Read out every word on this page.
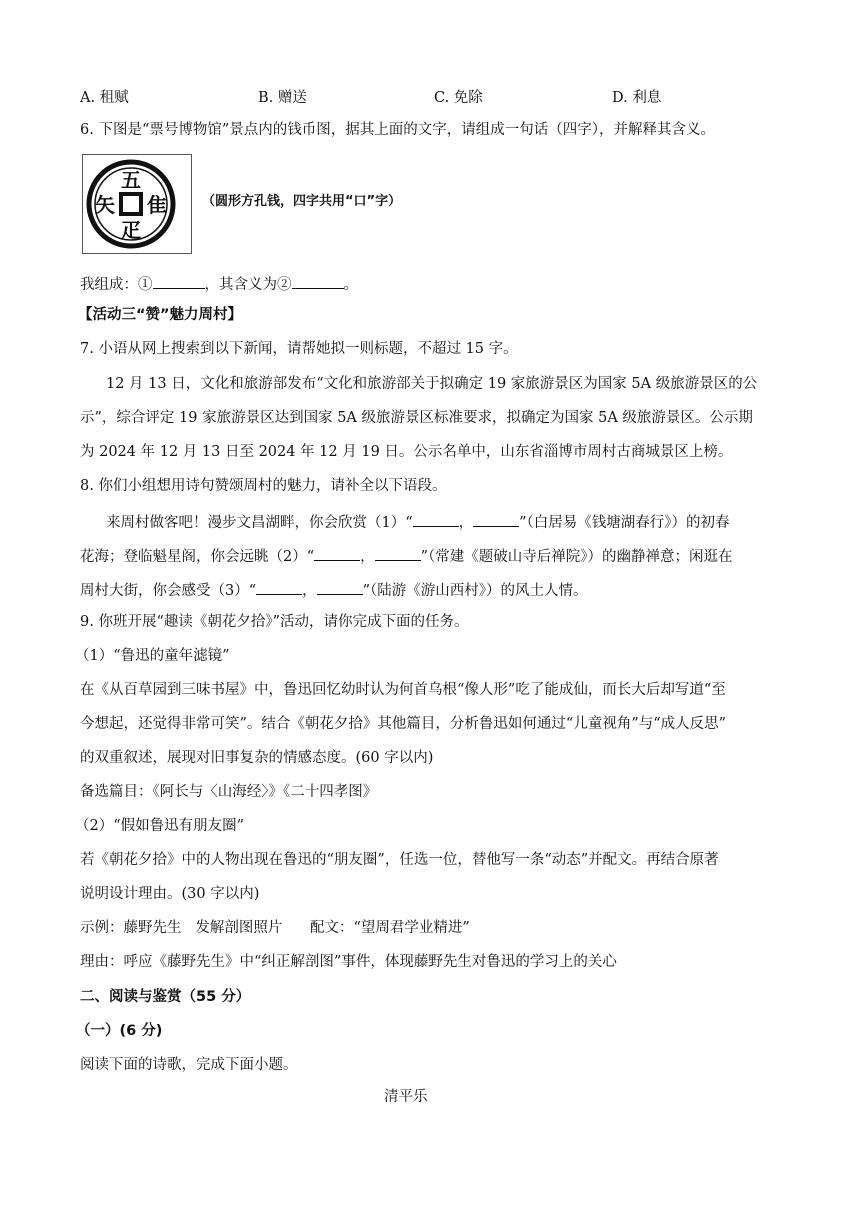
A. 租赋	B. 赠送	C. 免除	D. 利息
6. 下图是“票号博物馆”景点内的钱币图，据其上面的文字，请组成一句话（四字），并解释其含义。
五
隹
矢
疋
（圆形方孔钱，四字共用“口”字）
我组成：①	，其含义为②	。
【活动三“赞”魅力周村】
7. 小语从网上搜索到以下新闻，请帮她拟一则标题，不超过 15 字。
12 月 13 日，文化和旅游部发布“文化和旅游部关于拟确定 19 家旅游景区为国家 5A 级旅游景区的公
示”，综合评定 19 家旅游景区达到国家 5A 级旅游景区标准要求，拟确定为国家 5A 级旅游景区。公示期
为 2024 年 12 月 13 日至 2024 年 12 月 19 日。公示名单中，山东省淄博市周村古商城景区上榜。
8. 你们小组想用诗句赞颂周村的魅力，请补全以下语段。
来周村做客吧！漫步文昌湖畔，你会欣赏（1）“	，	”（白居易《钱塘湖春行》）的初春
花海；登临魁星阁，你会远眺（2）“	，	”（常建《题破山寺后禅院》）的幽静禅意；闲逛在
周村大街，你会感受（3）“	，	”（陆游《游山西村》）的风土人情。
9. 你班开展“趣读《朝花夕拾》”活动，请你完成下面的任务。
（1）“鲁迅的童年滤镜”
在《从百草园到三味书屋》中，鲁迅回忆幼时认为何首乌根“像人形”吃了能成仙，而长大后却写道“至
今想起，还觉得非常可笑”。结合《朝花夕拾》其他篇目，分析鲁迅如何通过“儿童视角”与“成人反思”
的双重叙述，展现对旧事复杂的情感态度。(60 字以内)
备选篇目：《阿长与〈山海经〉》《二十四孝图》
（2）“假如鲁迅有朋友圈”
若《朝花夕拾》中的人物出现在鲁迅的“朋友圈”，任选一位，替他写一条“动态”并配文。再结合原著
说明设计理由。(30 字以内)
示例：藤野先生   发解剖图照片      配文：“望周君学业精进”
理由：呼应《藤野先生》中“纠正解剖图”事件，体现藤野先生对鲁迅的学习上的关心
二、阅读与鉴赏（55 分）
（一）(6 分)
阅读下面的诗歌，完成下面小题。
清平乐
